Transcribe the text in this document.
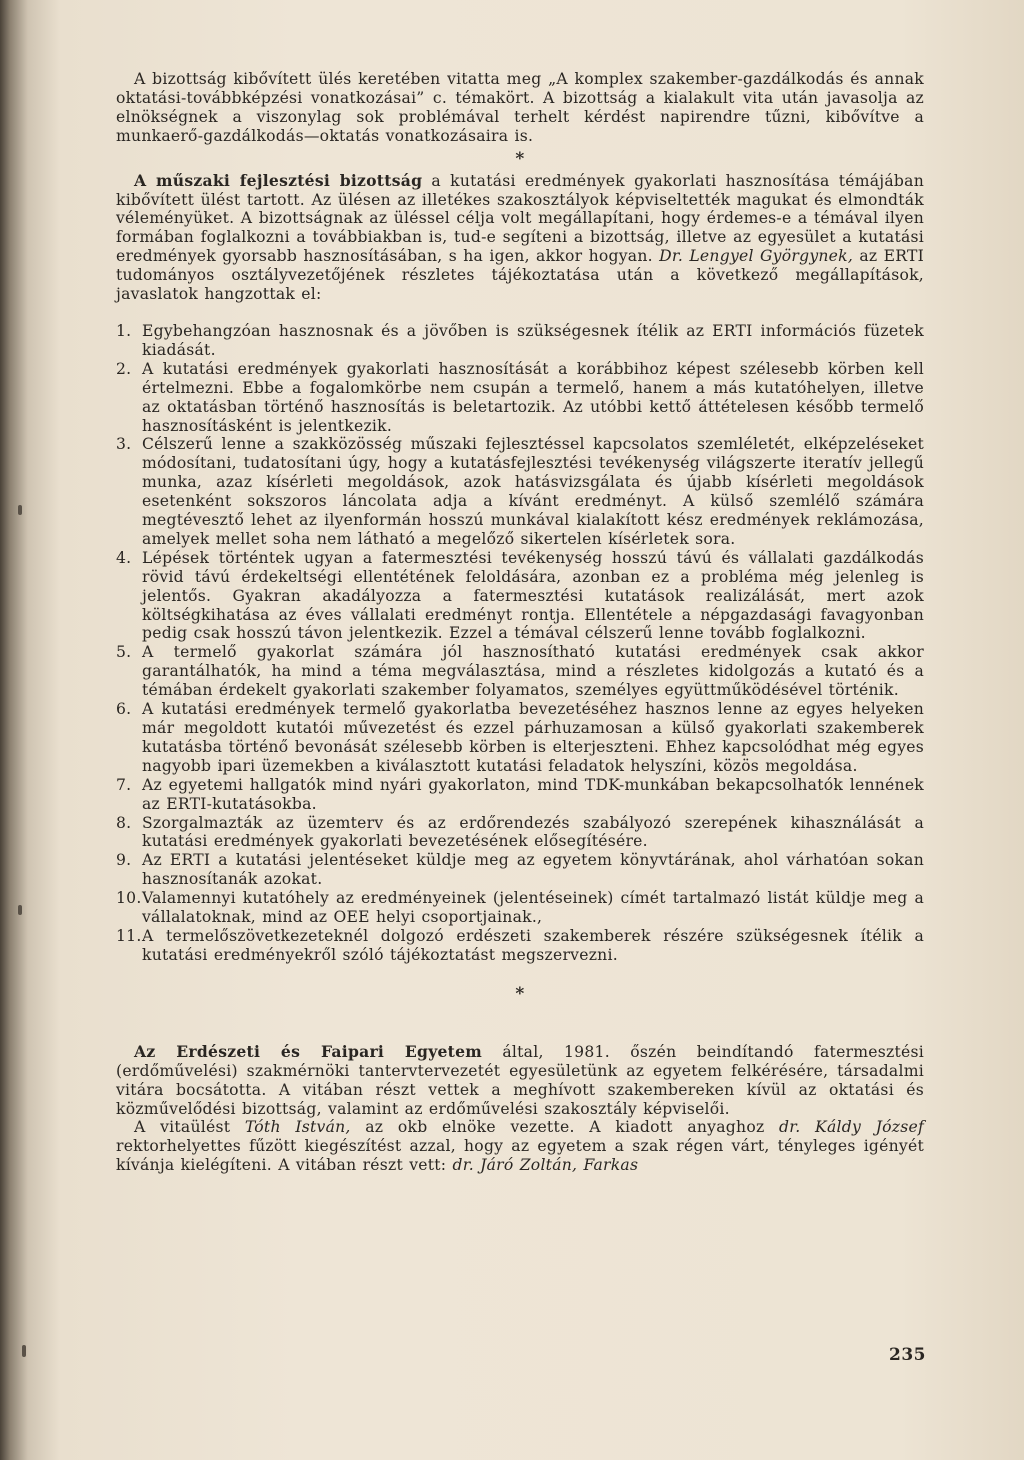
A bizottság kibővített ülés keretében vitatta meg „A komplex szakember-gazdálkodás és annak oktatási-továbbképzési vonatkozásai” c. témakört. A bizottság a kialakult vita után javasolja az elnökségnek a viszonylag sok problémával terhelt kérdést napirendre tűzni, kibővítve a munkaerő-gazdálkodás—oktatás vonatkozásaira is.

*

A műszaki fejlesztési bizottság a kutatási eredmények gyakorlati hasznosítása témájában kibővített ülést tartott. Az ülésen az illetékes szakosztályok képviseltették magukat és elmondták véleményüket. A bizottságnak az üléssel célja volt megállapítani, hogy érdemes-e a témával ilyen formában foglalkozni a továbbiakban is, tud-e segíteni a bizottság, illetve az egyesület a kutatási eredmények gyorsabb hasznosításában, s ha igen, akkor hogyan. Dr. Lengyel Györgynek, az ERTI tudományos osztályvezetőjének részletes tájékoztatása után a következő megállapítások, javaslatok hangzottak el:

1. Egybehangzóan hasznosnak és a jövőben is szükségesnek ítélik az ERTI információs füzetek kiadását.
2. A kutatási eredmények gyakorlati hasznosítását a korábbihoz képest szélesebb körben kell értelmezni. Ebbe a fogalomkörbe nem csupán a termelő, hanem a más kutatóhelyen, illetve az oktatásban történő hasznosítás is beletartozik. Az utóbbi kettő áttételesen később termelő hasznosításként is jelentkezik.
3. Célszerű lenne a szakközösség műszaki fejlesztéssel kapcsolatos szemléletét, elképzeléseket módosítani, tudatosítani úgy, hogy a kutatásfejlesztési tevékenység világszerte iteratív jellegű munka, azaz kísérleti megoldások, azok hatásvizsgálata és újabb kísérleti megoldások esetenként sokszoros láncolata adja a kívánt eredményt. A külső szemlélő számára megtévesztő lehet az ilyenformán hosszú munkával kialakított kész eredmények reklámozása, amelyek mellet soha nem látható a megelőző sikertelen kísérletek sora.
4. Lépések történtek ugyan a fatermesztési tevékenység hosszú távú és vállalati gazdálkodás rövid távú érdekeltségi ellentétének feloldására, azonban ez a probléma még jelenleg is jelentős. Gyakran akadályozza a fatermesztési kutatások realizálását, mert azok költségkihatása az éves vállalati eredményt rontja. Ellentétele a népgazdasági favagyonban pedig csak hosszú távon jelentkezik. Ezzel a témával célszerű lenne tovább foglalkozni.
5. A termelő gyakorlat számára jól hasznosítható kutatási eredmények csak akkor garantálhatók, ha mind a téma megválasztása, mind a részletes kidolgozás a kutató és a témában érdekelt gyakorlati szakember folyamatos, személyes együttműködésével történik.
6. A kutatási eredmények termelő gyakorlatba bevezetéséhez hasznos lenne az egyes helyeken már megoldott kutatói művezetést és ezzel párhuzamosan a külső gyakorlati szakemberek kutatásba történő bevonását szélesebb körben is elterjeszteni. Ehhez kapcsolódhat még egyes nagyobb ipari üzemekben a kiválasztott kutatási feladatok helyszíni, közös megoldása.
7. Az egyetemi hallgatók mind nyári gyakorlaton, mind TDK-munkában bekapcsolhatók lennének az ERTI-kutatásokba.
8. Szorgalmazták az üzemterv és az erdőrendezés szabályozó szerepének kihasználását a kutatási eredmények gyakorlati bevezetésének elősegítésére.
9. Az ERTI a kutatási jelentéseket küldje meg az egyetem könyvtárának, ahol várhatóan sokan hasznosítanák azokat.
10. Valamennyi kutatóhely az eredményeinek (jelentéseinek) címét tartalmazó listát küldje meg a vállalatoknak, mind az OEE helyi csoportjainak.,
11. A termelőszövetkezeteknél dolgozó erdészeti szakemberek részére szükségesnek ítélik a kutatási eredményekről szóló tájékoztatást megszervezni.
*

Az Erdészeti és Faipari Egyetem által, 1981. őszén beindítandó fatermesztési (erdőművelési) szakmérnöki tantervtervezetét egyesületünk az egyetem felkérésére, társadalmi vitára bocsátotta. A vitában részt vettek a meghívott szakembereken kívül az oktatási és közművelődési bizottság, valamint az erdőművelési szakosztály képviselői.

A vitaülést Tóth István, az okb elnöke vezette. A kiadott anyaghoz dr. Káldy József rektorhelyettes fűzött kiegészítést azzal, hogy az egyetem a szak régen várt, tényleges igényét kívánja kielégíteni. A vitában részt vett: dr. Járó Zoltán, Farkas

235
